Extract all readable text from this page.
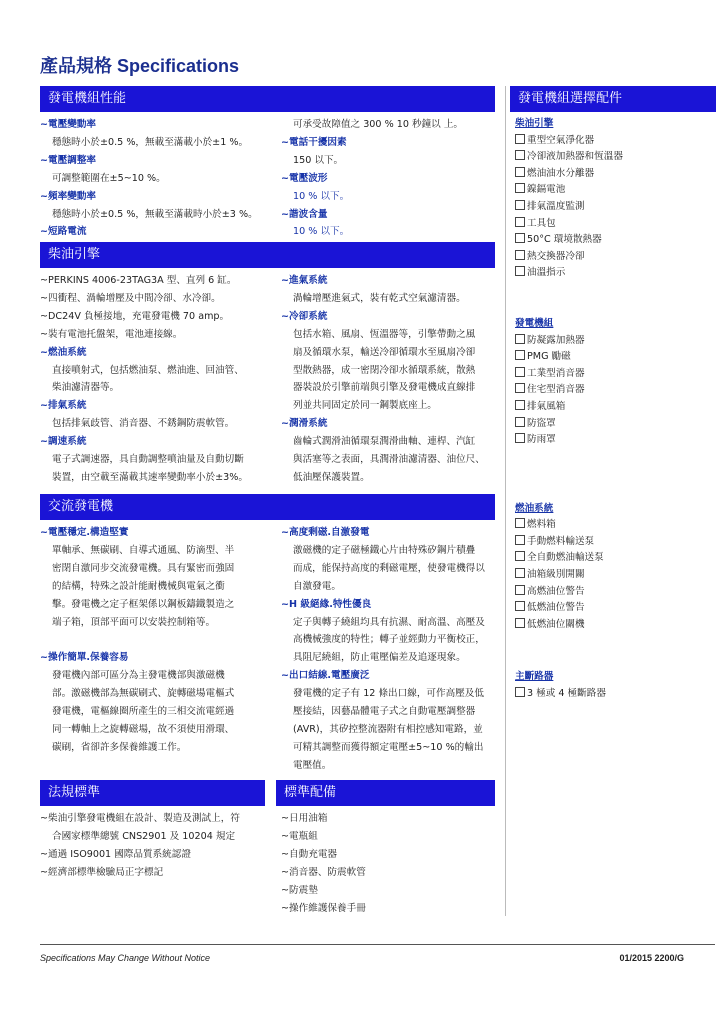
產品規格 Specifications
發電機組性能	發電機組選擇配件
柴油引擎
交流發電機
法規標準	標準配備
~電壓變動率
穩態時小於±0.5 %，無載至滿載小於±1 %。
~電壓調整率
可調整範圍在±5~10 %。
~頻率變動率
穩態時小於±0.5 %，無載至滿載時小於±3 %。
~短路電流
可承受故障值之 300 % 10 秒鐘以 上。
~電話干擾因素
150 以下。
~電壓波形
10 % 以下。
~諧波含量
10 % 以下。
~PERKINS 4006-23TAG3A 型、直列 6 缸。
~四衝程、渦輪增壓及中間冷卻、水冷卻。
~DC24V 負極接地，充電發電機 70 amp。
~裝有電池托盤架，電池連接線。
~燃油系統
直接噴射式，包括燃油泵、燃油進、回油管、
柴油濾清器等。
~排氣系統
包括排氣歧管、消音器、不銹鋼防震軟管。
~調速系統
電子式調速器，具自動調整噴油量及自動切斷
裝置，由空載至滿載其速率變動率小於±3%。
~進氣系統
渦輪增壓進氣式，裝有乾式空氣濾清器。
~冷卻系統
包括水箱、風扇、恆溫器等，引擎帶動之風
扇及循環水泵，輸送冷卻循環水至風扇冷卻
型散熱器，成一密閉冷卻水循環系統，散熱
器裝設於引擎前端與引擎及發電機成直線排
列並共同固定於同一鋼製底座上。
~潤滑系統
齒輪式潤滑油循環泵潤滑曲軸、連桿、汽缸
與活塞等之表面，具潤滑油濾清器、油位尺、
低油壓保護裝置。
~電壓穩定.構造堅實
單軸承、無碳刷、自導式通風、防滴型、半
密閉自激同步交流發電機。具有緊密而強固
的結構，特殊之設計能耐機械與電氣之衝
擊。發電機之定子框架係以鋼板鑄鐵製造之
端子箱，頂部平面可以安裝控制箱等。

~操作簡單.保養容易
發電機內部可區分為主發電機部與激磁機
部。激磁機部為無碳刷式、旋轉磁場電樞式
發電機，電樞線圈所產生的三相交流電經過
同一轉軸上之旋轉磁場，故不須使用滑環、
碳刷，省卻許多保養維護工作。
~高度剩磁.自激發電
激磁機的定子磁極鐵心片由特殊矽鋼片積疊
而成，能保持高度的剩磁電壓，使發電機得以
自激發電。
~H 級絕緣.特性優良
定子與轉子繞組均具有抗濕、耐高溫、高壓及
高機械強度的特性；轉子並經動力平衡校正，
具阻尼繞組，防止電壓偏差及追逐現象。
~出口結線.電壓廣泛
發電機的定子有 12 條出口線，可作高壓及低
壓接結，因藝晶體電子式之自動電壓調整器
(AVR)，其矽控整流器附有相控感知電路，並
可精其調整而獲得額定電壓±5~10 %的輸出
電壓值。
~柴油引擎發電機組在設計、製造及測試上，符
合國家標準總號 CNS2901 及 10204 規定
~通過 ISO9001 國際品質系統認證
~經濟部標準檢驗局正字標記
~日用油箱
~電瓶組
~自動充電器
~消音器、防震軟管
~防震墊
~操作維護保養手冊
柴油引擎
重型空氣淨化器
冷卻液加熱器和恆溫器
燃油油水分離器
鎳鎘電池
排氣溫度監測
工具包
50°C 環境散熱器
熱交換器冷卻
油溫指示
發電機組
防凝露加熱器
PMG 勵磁
工業型消音器
住宅型消音器
排氣風箱
防盜罩
防雨罩
燃油系統
燃料箱
手動燃料輸送泵
全自動燃油輸送泵
油箱級別開關
高燃油位警告
低燃油位警告
低燃油位關機
主斷路器
3 極或 4 極斷路器
Specifications May Change Without Notice	01/2015 2200/G
